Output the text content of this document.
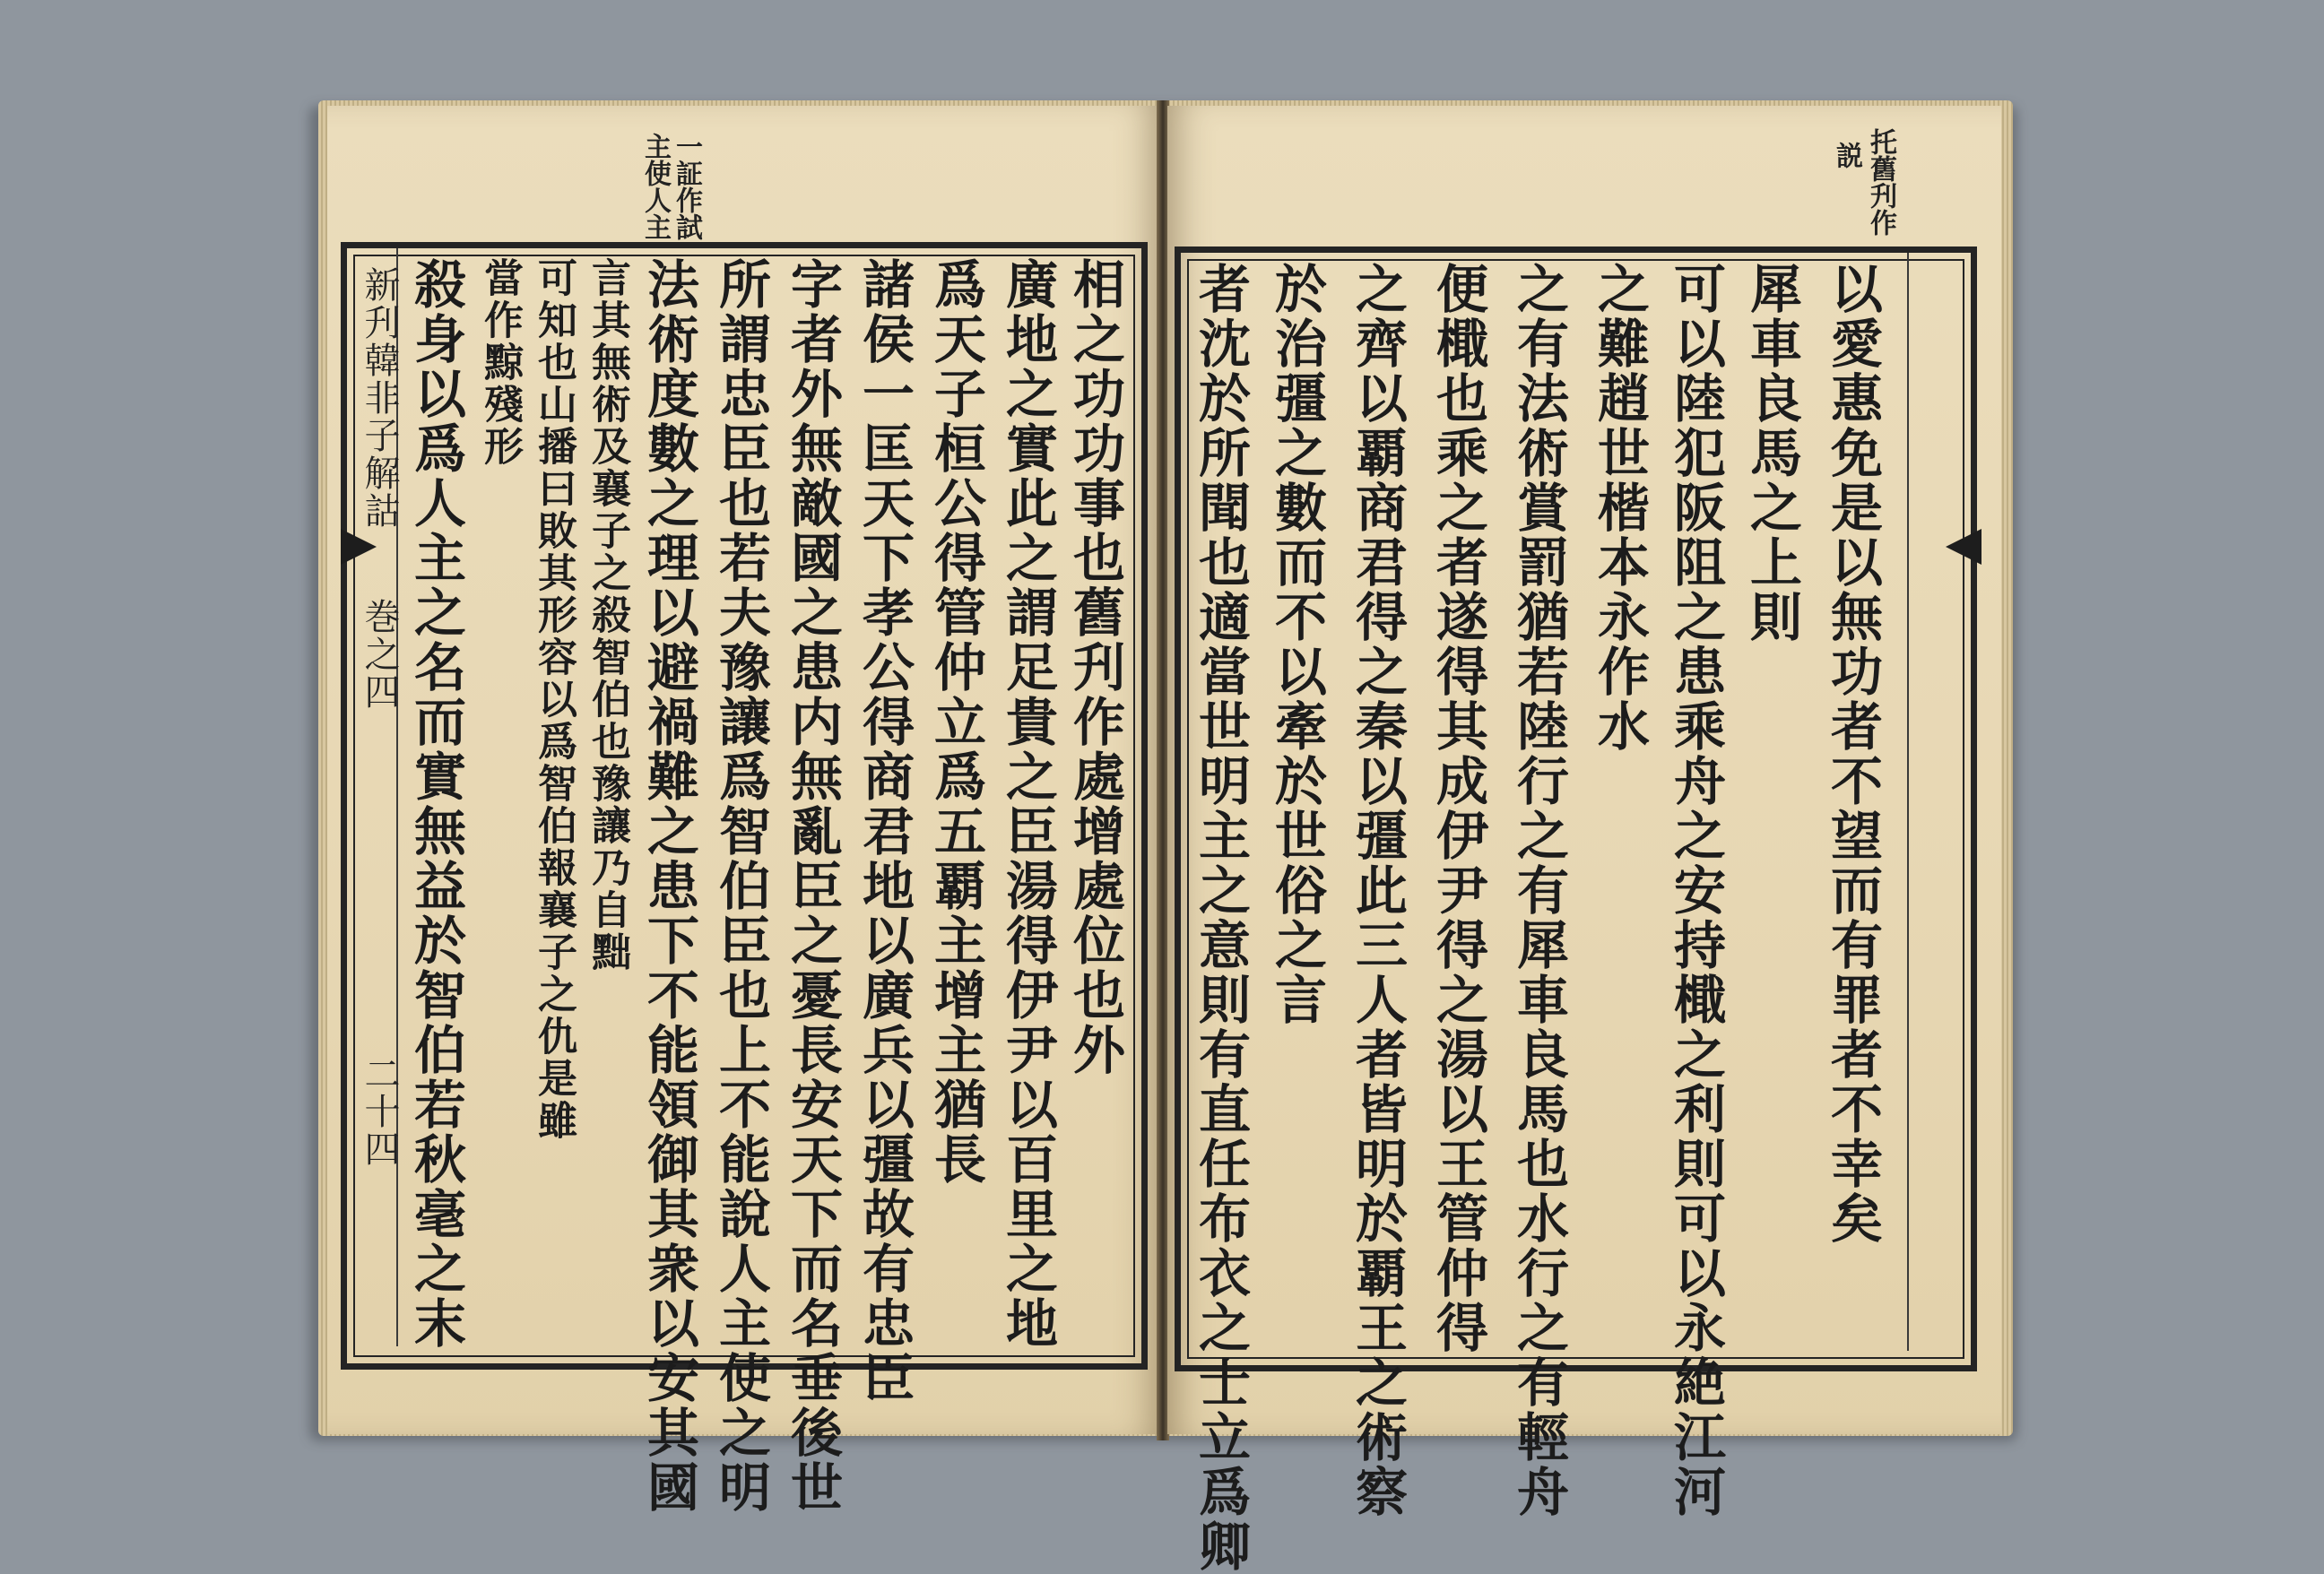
一証作試
主使人主
新刋韓非子解詁
巻之四
二十四 殺身以爲人主之名而實無益於智伯若秋毫之末 當作黥殘形 可知也山播曰敗其形容以爲智伯報襄子之仇是雖 言其無術及襄子之殺智伯也豫讓乃自黜 法術度數之理以避禍難之患下不能領御其衆以安其國 所謂忠臣也若夫豫讓爲智伯臣也上不能說人主使之明 字者外無敵國之患内無亂臣之憂長安天下而名垂後世 諸侯一匡天下孝公得商君地以廣兵以彊故有忠臣 爲天子桓公得管仲立爲五覇主增主猶長 廣地之實此之謂足貴之臣湯得伊尹以百里之地 相之功功事也舊刋作處增處位也外
托舊刋作
説
者沈於所聞也適當世明主之意則有直任布衣之士立爲卿 於治彊之數而不以牽於世俗之言 之齊以覇商君得之秦以彊此三人者皆明於覇王之術察 便檝也乘之者遂得其成伊尹得之湯以王管仲得 之有法術賞罰猶若陸行之有犀車良馬也水行之有輕舟 之難趙世楷本永作水 可以陸犯阪阻之患乘舟之安持檝之利則可以永絶江河 犀車良馬之上則 以愛惠免是以無功者不望而有罪者不幸矣
